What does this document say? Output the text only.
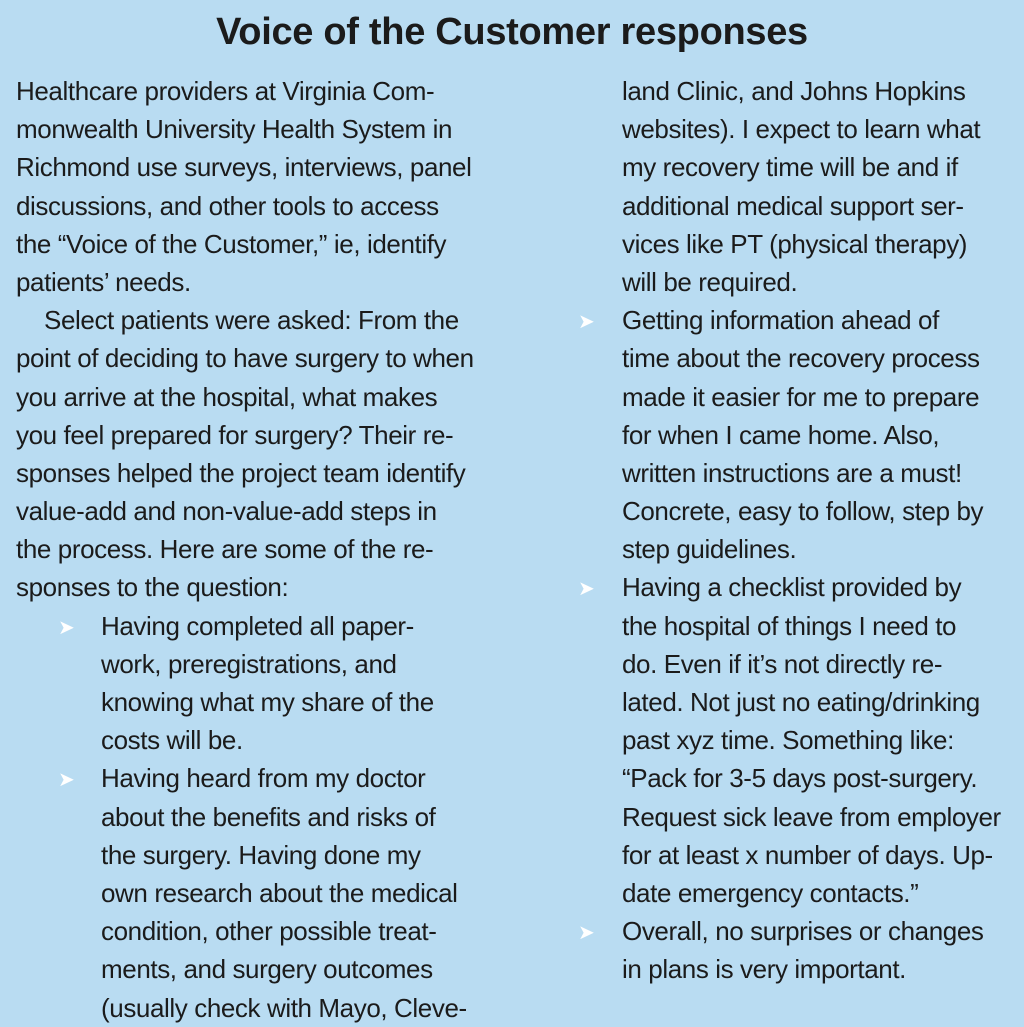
Voice of the Customer responses
Healthcare providers at Virginia Com-
monwealth University Health System in
Richmond use surveys, interviews, panel
discussions, and other tools to access
the “Voice of the Customer,” ie, identify
patients’ needs.
Select patients were asked: From the
point of deciding to have surgery to when
you arrive at the hospital, what makes
you feel prepared for surgery? Their re-
sponses helped the project team identify
value-add and non-value-add steps in
the process. Here are some of the re-
sponses to the question:
➤ Having completed all paper-
work, preregistrations, and
knowing what my share of the
costs will be.
➤ Having heard from my doctor
about the benefits and risks of
the surgery. Having done my
own research about the medical
condition, other possible treat-
ments, and surgery outcomes
(usually check with Mayo, Cleve-
land Clinic, and Johns Hopkins
websites). I expect to learn what
my recovery time will be and if
additional medical support ser-
vices like PT (physical therapy)
will be required.
➤ Getting information ahead of
time about the recovery process
made it easier for me to prepare
for when I came home. Also,
written instructions are a must!
Concrete, easy to follow, step by
step guidelines.
➤ Having a checklist provided by
the hospital of things I need to
do. Even if it’s not directly re-
lated. Not just no eating/drinking
past xyz time. Something like:
“Pack for 3-5 days post-surgery.
Request sick leave from employer
for at least x number of days. Up-
date emergency contacts.”
➤ Overall, no surprises or changes
in plans is very important.
